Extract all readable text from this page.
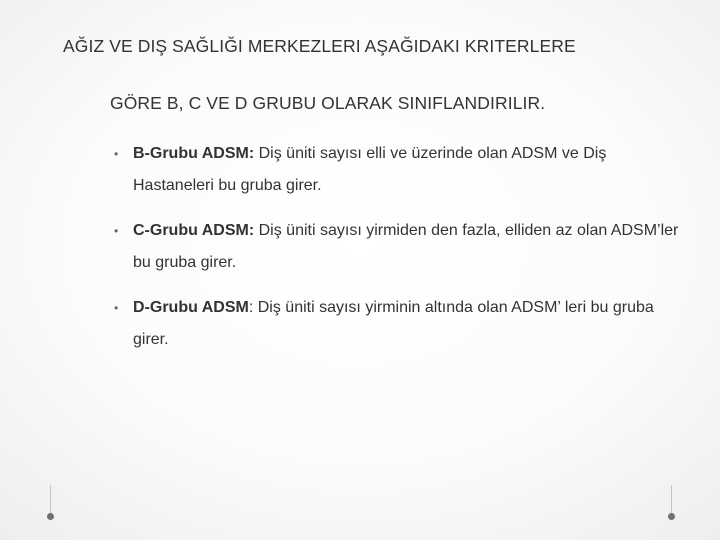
AĞIZ VE DIŞ SAĞLIĞI MERKEZLERI AŞAĞIDAKI KRITERLERE
GÖRE B, C VE D GRUBU OLARAK SINIFLANDIRILIR.
• B-Grubu ADSM: Diş üniti sayısı elli ve üzerinde olan ADSM ve Diş Hastaneleri bu gruba girer.
• C-Grubu ADSM: Diş üniti sayısı yirmiden den fazla, elliden az olan ADSM’ler bu gruba girer.
• D-Grubu ADSM: Diş üniti sayısı yirminin altında olan ADSM’ leri bu gruba girer.
